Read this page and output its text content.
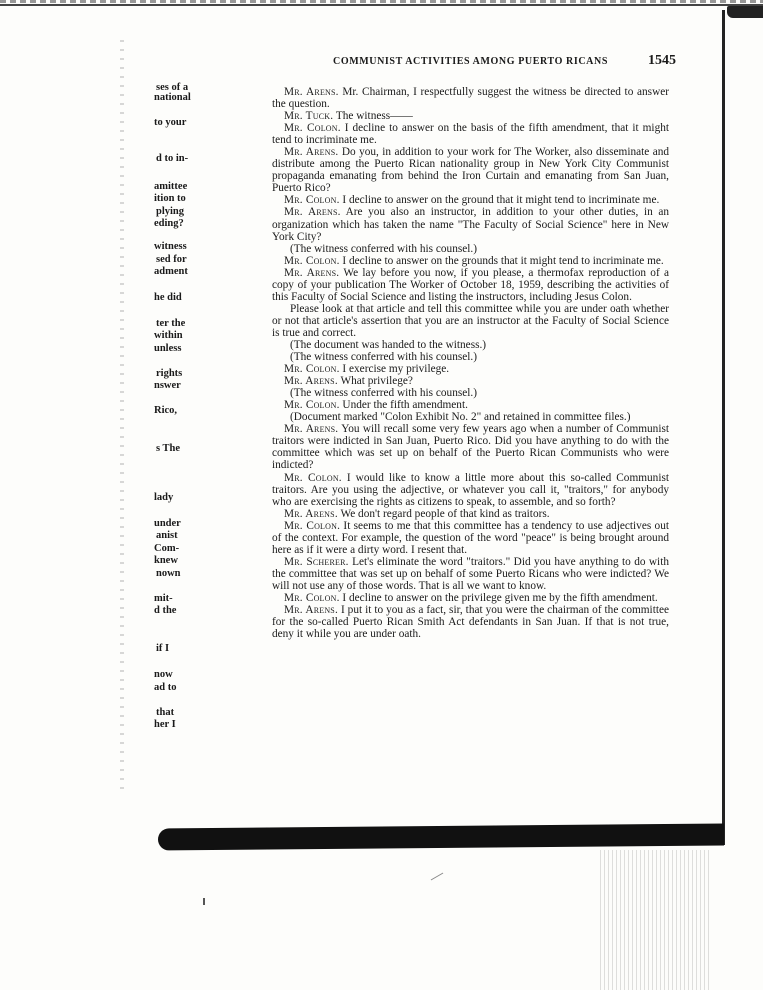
COMMUNIST ACTIVITIES AMONG PUERTO RICANS	1545
ses of a
national
to your
d to in-
amittee
ition to
plying
eding?
witness
sed for
adment
he did
ter the
within
unless
rights
nswer
Rico,
s The
lady
under
anist
Com-
knew
nown
mit-
d the
if I
now
ad to
that
her I

Mr. Arens. Mr. Chairman, I respectfully suggest the witness be directed to answer the question.

Mr. Tuck. The witness——

Mr. Colon. I decline to answer on the basis of the fifth amendment, that it might tend to incriminate me.

Mr. Arens. Do you, in addition to your work for The Worker, also disseminate and distribute among the Puerto Rican nationality group in New York City Communist propaganda emanating from behind the Iron Curtain and emanating from San Juan, Puerto Rico?

Mr. Colon. I decline to answer on the ground that it might tend to incriminate me.

Mr. Arens. Are you also an instructor, in addition to your other duties, in an organization which has taken the name "The Faculty of Social Science" here in New York City?

(The witness conferred with his counsel.)

Mr. Colon. I decline to answer on the grounds that it might tend to incriminate me.

Mr. Arens. We lay before you now, if you please, a thermofax reproduction of a copy of your publication The Worker of October 18, 1959, describing the activities of this Faculty of Social Science and listing the instructors, including Jesus Colon.

Please look at that article and tell this committee while you are under oath whether or not that article's assertion that you are an instructor at the Faculty of Social Science is true and correct.

(The document was handed to the witness.)

(The witness conferred with his counsel.)

Mr. Colon. I exercise my privilege.

Mr. Arens. What privilege?

(The witness conferred with his counsel.)

Mr. Colon. Under the fifth amendment.

(Document marked "Colon Exhibit No. 2" and retained in committee files.)

Mr. Arens. You will recall some very few years ago when a number of Communist traitors were indicted in San Juan, Puerto Rico. Did you have anything to do with the committee which was set up on behalf of the Puerto Rican Communists who were indicted?

Mr. Colon. I would like to know a little more about this so-called Communist traitors. Are you using the adjective, or whatever you call it, "traitors," for anybody who are exercising the rights as citizens to speak, to assemble, and so forth?

Mr. Arens. We don't regard people of that kind as traitors.

Mr. Colon. It seems to me that this committee has a tendency to use adjectives out of the context. For example, the question of the word "peace" is being brought around here as if it were a dirty word. I resent that.

Mr. Scherer. Let's eliminate the word "traitors." Did you have anything to do with the committee that was set up on behalf of some Puerto Ricans who were indicted? We will not use any of those words. That is all we want to know.

Mr. Colon. I decline to answer on the privilege given me by the fifth amendment.

Mr. Arens. I put it to you as a fact, sir, that you were the chairman of the committee for the so-called Puerto Rican Smith Act defendants in San Juan. If that is not true, deny it while you are under oath.
